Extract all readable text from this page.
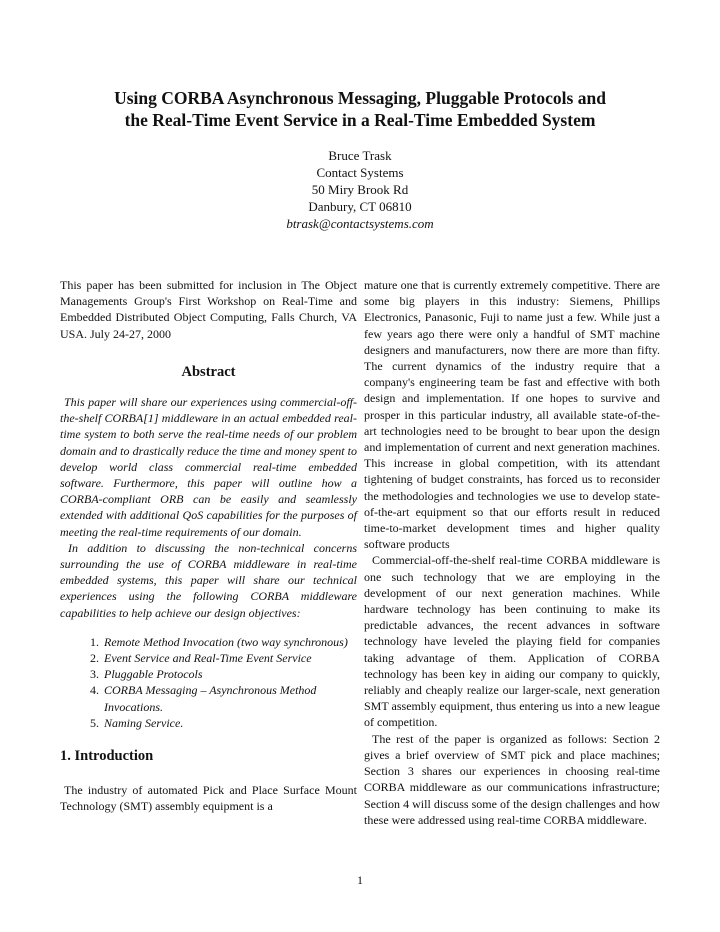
Using CORBA Asynchronous Messaging, Pluggable Protocols and
the Real-Time Event Service in a Real-Time Embedded System
Bruce Trask
Contact Systems
50 Miry Brook Rd
Danbury, CT 06810
btrask@contactsystems.com

This paper has been submitted for inclusion in The Object Managements Group's First Workshop on Real-Time and Embedded Distributed Object Computing, Falls Church, VA USA. July 24-27, 2000

Abstract

This paper will share our experiences using commercial-off-the-shelf CORBA[1] middleware in an actual embedded real-time system to both serve the real-time needs of our problem domain and to drastically reduce the time and money spent to develop world class commercial real-time embedded software. Furthermore, this paper will outline how a CORBA-compliant ORB can be easily and seamlessly extended with additional QoS capabilities for the purposes of meeting the real-time requirements of our domain.

In addition to discussing the non-technical concerns surrounding the use of CORBA middleware in real-time embedded systems, this paper will share our technical experiences using the following CORBA middleware capabilities to help achieve our design objectives:

1. Remote Method Invocation (two way synchronous)
2. Event Service and Real-Time Event Service
3. Pluggable Protocols
4. CORBA Messaging – Asynchronous Method Invocations.
5. Naming Service.
1. Introduction

The industry of automated Pick and Place Surface Mount Technology (SMT) assembly equipment is a

mature one that is currently extremely competitive. There are some big players in this industry: Siemens, Phillips Electronics, Panasonic, Fuji to name just a few. While just a few years ago there were only a handful of SMT machine designers and manufacturers, now there are more than fifty. The current dynamics of the industry require that a company's engineering team be fast and effective with both design and implementation. If one hopes to survive and prosper in this particular industry, all available state-of-the-art technologies need to be brought to bear upon the design and implementation of current and next generation machines. This increase in global competition, with its attendant tightening of budget constraints, has forced us to reconsider the methodologies and technologies we use to develop state-of-the-art equipment so that our efforts result in reduced time-to-market development times and higher quality software products

Commercial-off-the-shelf real-time CORBA middleware is one such technology that we are employing in the development of our next generation machines. While hardware technology has been continuing to make its predictable advances, the recent advances in software technology have leveled the playing field for companies taking advantage of them. Application of CORBA technology has been key in aiding our company to quickly, reliably and cheaply realize our larger-scale, next generation SMT assembly equipment, thus entering us into a new league of competition.

The rest of the paper is organized as follows: Section 2 gives a brief overview of SMT pick and place machines; Section 3 shares our experiences in choosing real-time CORBA middleware as our communications infrastructure; Section 4 will discuss some of the design challenges and how these were addressed using real-time CORBA middleware.

1
